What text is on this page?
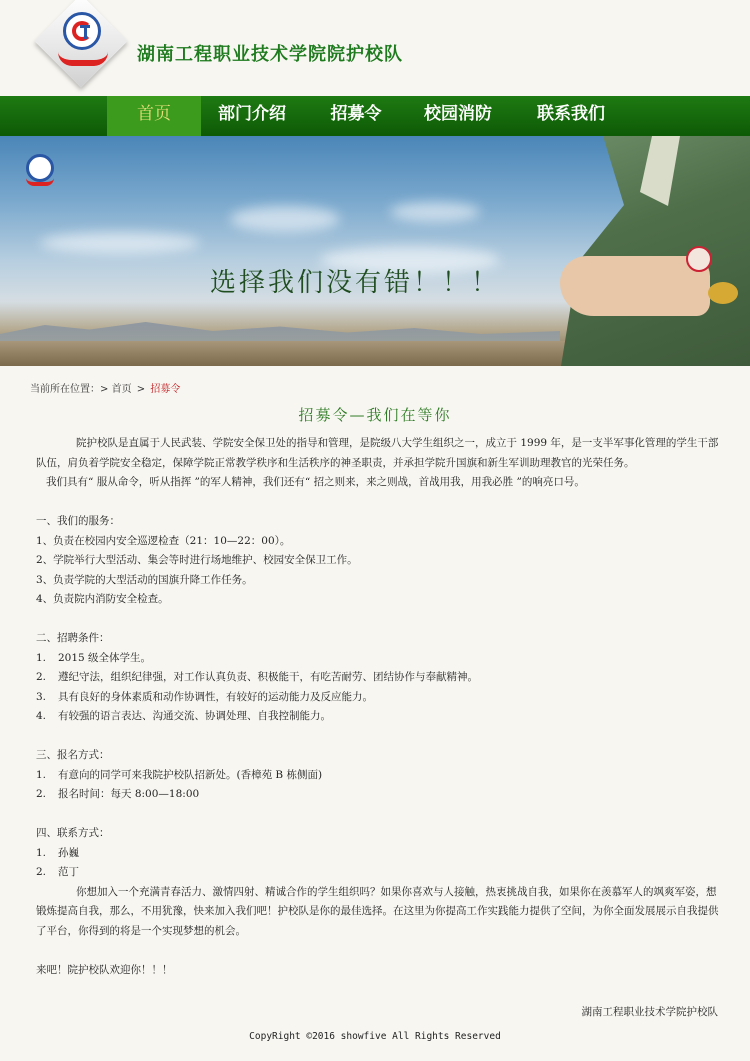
湖南工程职业技术学院院护校队
首页	部门介绍	招募令	校园消防	联系我们
选择我们没有错！！！
当前所在位置：> 首页 > 招募令
招募令—我们在等你

院护校队是直属于人民武装、学院安全保卫处的指导和管理，是院级八大学生组织之一，成立于 1999 年，是一支半军事化管理的学生干部队伍，肩负着学院安全稳定，保障学院正常教学秩序和生活秩序的神圣职责，并承担学院升国旗和新生军训助理教官的光荣任务。

我们具有“ 服从命令，听从指挥 ”的军人精神，我们还有“ 招之则来，来之则战，首战用我，用我必胜 ”的响亮口号。

一、我们的服务：

1、负责在校园内安全巡逻检查（21：10—22：00）。

2、学院举行大型活动、集会等时进行场地维护、校园安全保卫工作。

3、负责学院的大型活动的国旗升降工作任务。

4、负责院内消防安全检查。

二、招聘条件：

1. 2015 级全体学生。

2. 遵纪守法，组织纪律强，对工作认真负责、积极能干，有吃苦耐劳、团结协作与奉献精神。

3. 具有良好的身体素质和动作协调性，有较好的运动能力及反应能力。

4. 有较强的语言表达、沟通交流、协调处理、自我控制能力。

三、报名方式：

1. 有意向的同学可来我院护校队招新处。(香樟苑 B 栋侧面)

2. 报名时间：每天 8:00—18:00

四、联系方式：

1. 孙巍

2. 范丁

你想加入一个充满青春活力、激情四射、精诚合作的学生组织吗？如果你喜欢与人接触，热衷挑战自我，如果你在羡慕军人的飒爽军姿，想锻炼提高自我，那么，不用犹豫，快来加入我们吧！护校队是你的最佳选择。在这里为你提高工作实践能力提供了空间，为你全面发展展示自我提供了平台，你得到的将是一个实现梦想的机会。

来吧！院护校队欢迎你！！！

湖南工程职业技术学院护校队
CopyRight ©2016 showfive All Rights Reserved
